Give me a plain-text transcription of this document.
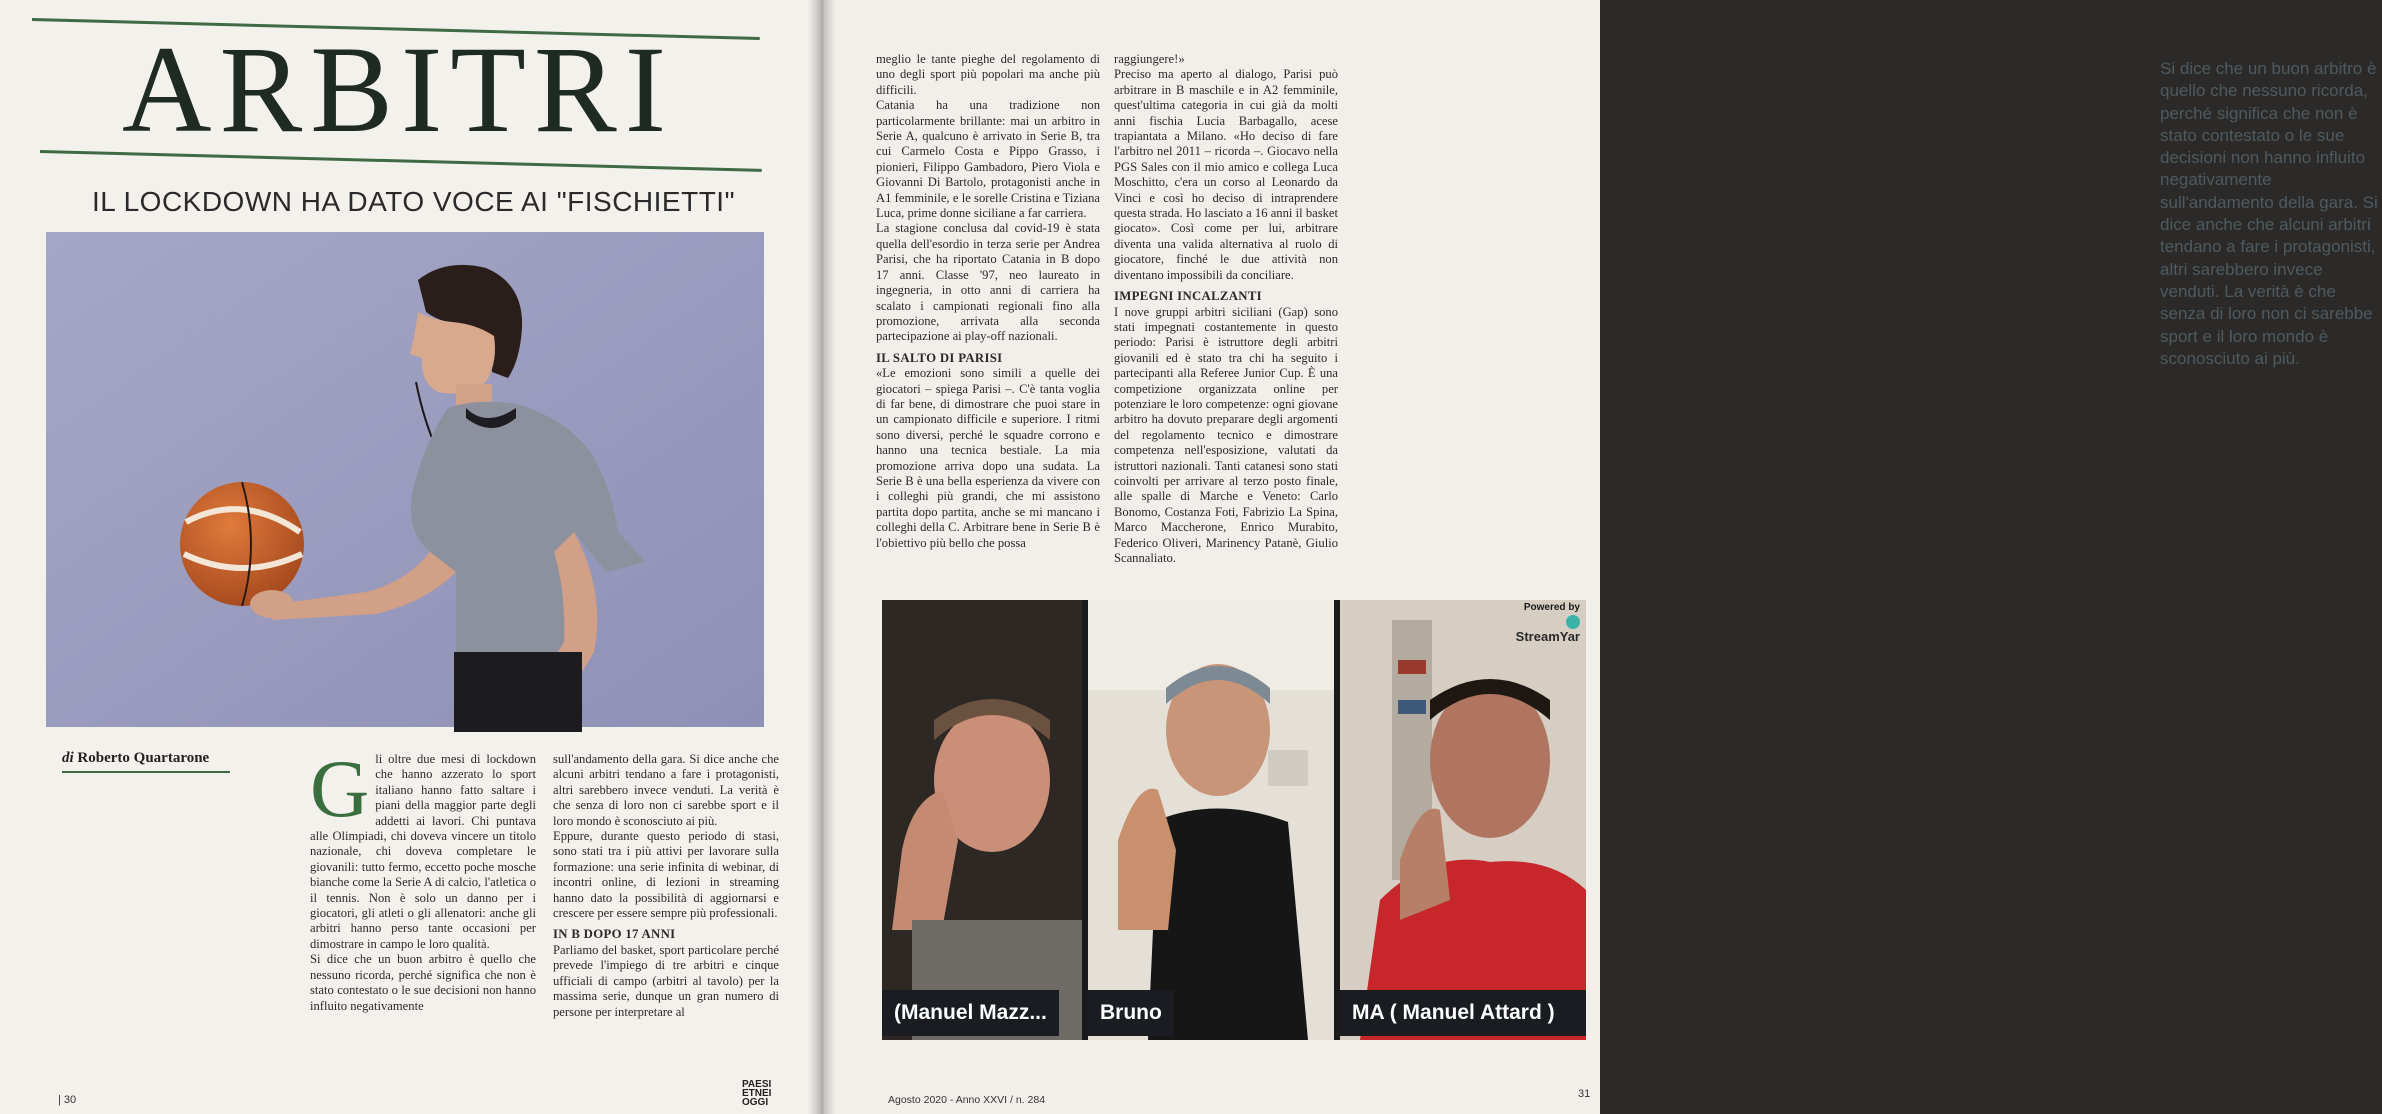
ARBITRI
IL LOCKDOWN HA DATO VOCE AI "FISCHIETTI"
di Roberto Quartarone G li oltre due mesi di lockdown che hanno azzerato lo sport italiano hanno fatto saltare i piani della maggior parte degli addetti ai lavori. Chi puntava alle Olimpiadi, chi doveva vincere un titolo nazionale, chi doveva completare le giovanili: tutto fermo, eccetto poche mosche bianche come la Serie A di calcio, l'atletica o il tennis. Non è solo un danno per i giocatori, gli atleti o gli allenatori: anche gli arbitri hanno perso tante occasioni per dimostrare in campo le loro qualità.

Si dice che un buon arbitro è quello che nessuno ricorda, perché significa che non è stato contestato o le sue decisioni non hanno influito negativamente

sull'andamento della gara. Si dice anche che alcuni arbitri tendano a fare i protagonisti, altri sarebbero invece venduti. La verità è che senza di loro non ci sarebbe sport e il loro mondo è sconosciuto ai più.

Eppure, durante questo periodo di stasi, sono stati tra i più attivi per lavorare sulla formazione: una serie infinita di webinar, di incontri online, di lezioni in streaming hanno dato la possibilità di aggiornarsi e crescere per essere sempre più professionali.

IN B DOPO 17 ANNI

Parliamo del basket, sport particolare perché prevede l'impiego di tre arbitri e cinque ufficiali di campo (arbitri al tavolo) per la massima serie, dunque un gran numero di persone per interpretare al

| 30
PAESI
ETNEI
OGGI

meglio le tante pieghe del regolamento di uno degli sport più popolari ma anche più difficili.

Catania ha una tradizione non particolarmente brillante: mai un arbitro in Serie A, qualcuno è arrivato in Serie B, tra cui Carmelo Costa e Pippo Grasso, i pionieri, Filippo Gambadoro, Piero Viola e Giovanni Di Bartolo, protagonisti anche in A1 femminile, e le sorelle Cristina e Tiziana Luca, prime donne siciliane a far carriera.

La stagione conclusa dal covid-19 è stata quella dell'esordio in terza serie per Andrea Parisi, che ha riportato Catania in B dopo 17 anni. Classe '97, neo laureato in ingegneria, in otto anni di carriera ha scalato i campionati regionali fino alla promozione, arrivata alla seconda partecipazione ai play-off nazionali.

IL SALTO DI PARISI

«Le emozioni sono simili a quelle dei giocatori – spiega Parisi –. C'è tanta voglia di far bene, di dimostrare che puoi stare in un campionato difficile e superiore. I ritmi sono diversi, perché le squadre corrono e hanno una tecnica bestiale. La mia promozione arriva dopo una sudata. La Serie B è una bella esperienza da vivere con i colleghi più grandi, che mi assistono partita dopo partita, anche se mi mancano i colleghi della C. Arbitrare bene in Serie B è l'obiettivo più bello che possa

raggiungere!»

Preciso ma aperto al dialogo, Parisi può arbitrare in B maschile e in A2 femminile, quest'ultima categoria in cui già da molti anni fischia Lucia Barbagallo, acese trapiantata a Milano. «Ho deciso di fare l'arbitro nel 2011 – ricorda –. Giocavo nella PGS Sales con il mio amico e collega Luca Moschitto, c'era un corso al Leonardo da Vinci e così ho deciso di intraprendere questa strada. Ho lasciato a 16 anni il basket giocato». Così come per lui, arbitrare diventa una valida alternativa al ruolo di giocatore, finché le due attività non diventano impossibili da conciliare.

IMPEGNI INCALZANTI

I nove gruppi arbitri siciliani (Gap) sono stati impegnati costantemente in questo periodo: Parisi è istruttore degli arbitri giovanili ed è stato tra chi ha seguito i partecipanti alla Referee Junior Cup. È una competizione organizzata online per potenziare le loro competenze: ogni giovane arbitro ha dovuto preparare degli argomenti del regolamento tecnico e dimostrare competenza nell'esposizione, valutati da istruttori nazionali. Tanti catanesi sono stati coinvolti per arrivare al terzo posto finale, alle spalle di Marche e Veneto: Carlo Bonomo, Costanza Foti, Fabrizio La Spina, Marco Maccherone, Enrico Murabito, Federico Oliveri, Marinency Patanè, Giulio Scannaliato.

(Manuel Mazz...	Bruno
Powered by
StreamYar
MA ( Manuel Attard )
Si dice che un buon arbitro è quello che nessuno ricorda, perché significa che non è stato contestato o le sue decisioni non hanno influito negativamente sull'andamento della gara. Si dice anche che alcuni arbitri tendano a fare i protagonisti, altri sarebbero invece venduti. La verità è che senza di loro non ci sarebbe sport e il loro mondo è sconosciuto ai più.
Agosto 2020 - Anno XXVI / n. 284	31
